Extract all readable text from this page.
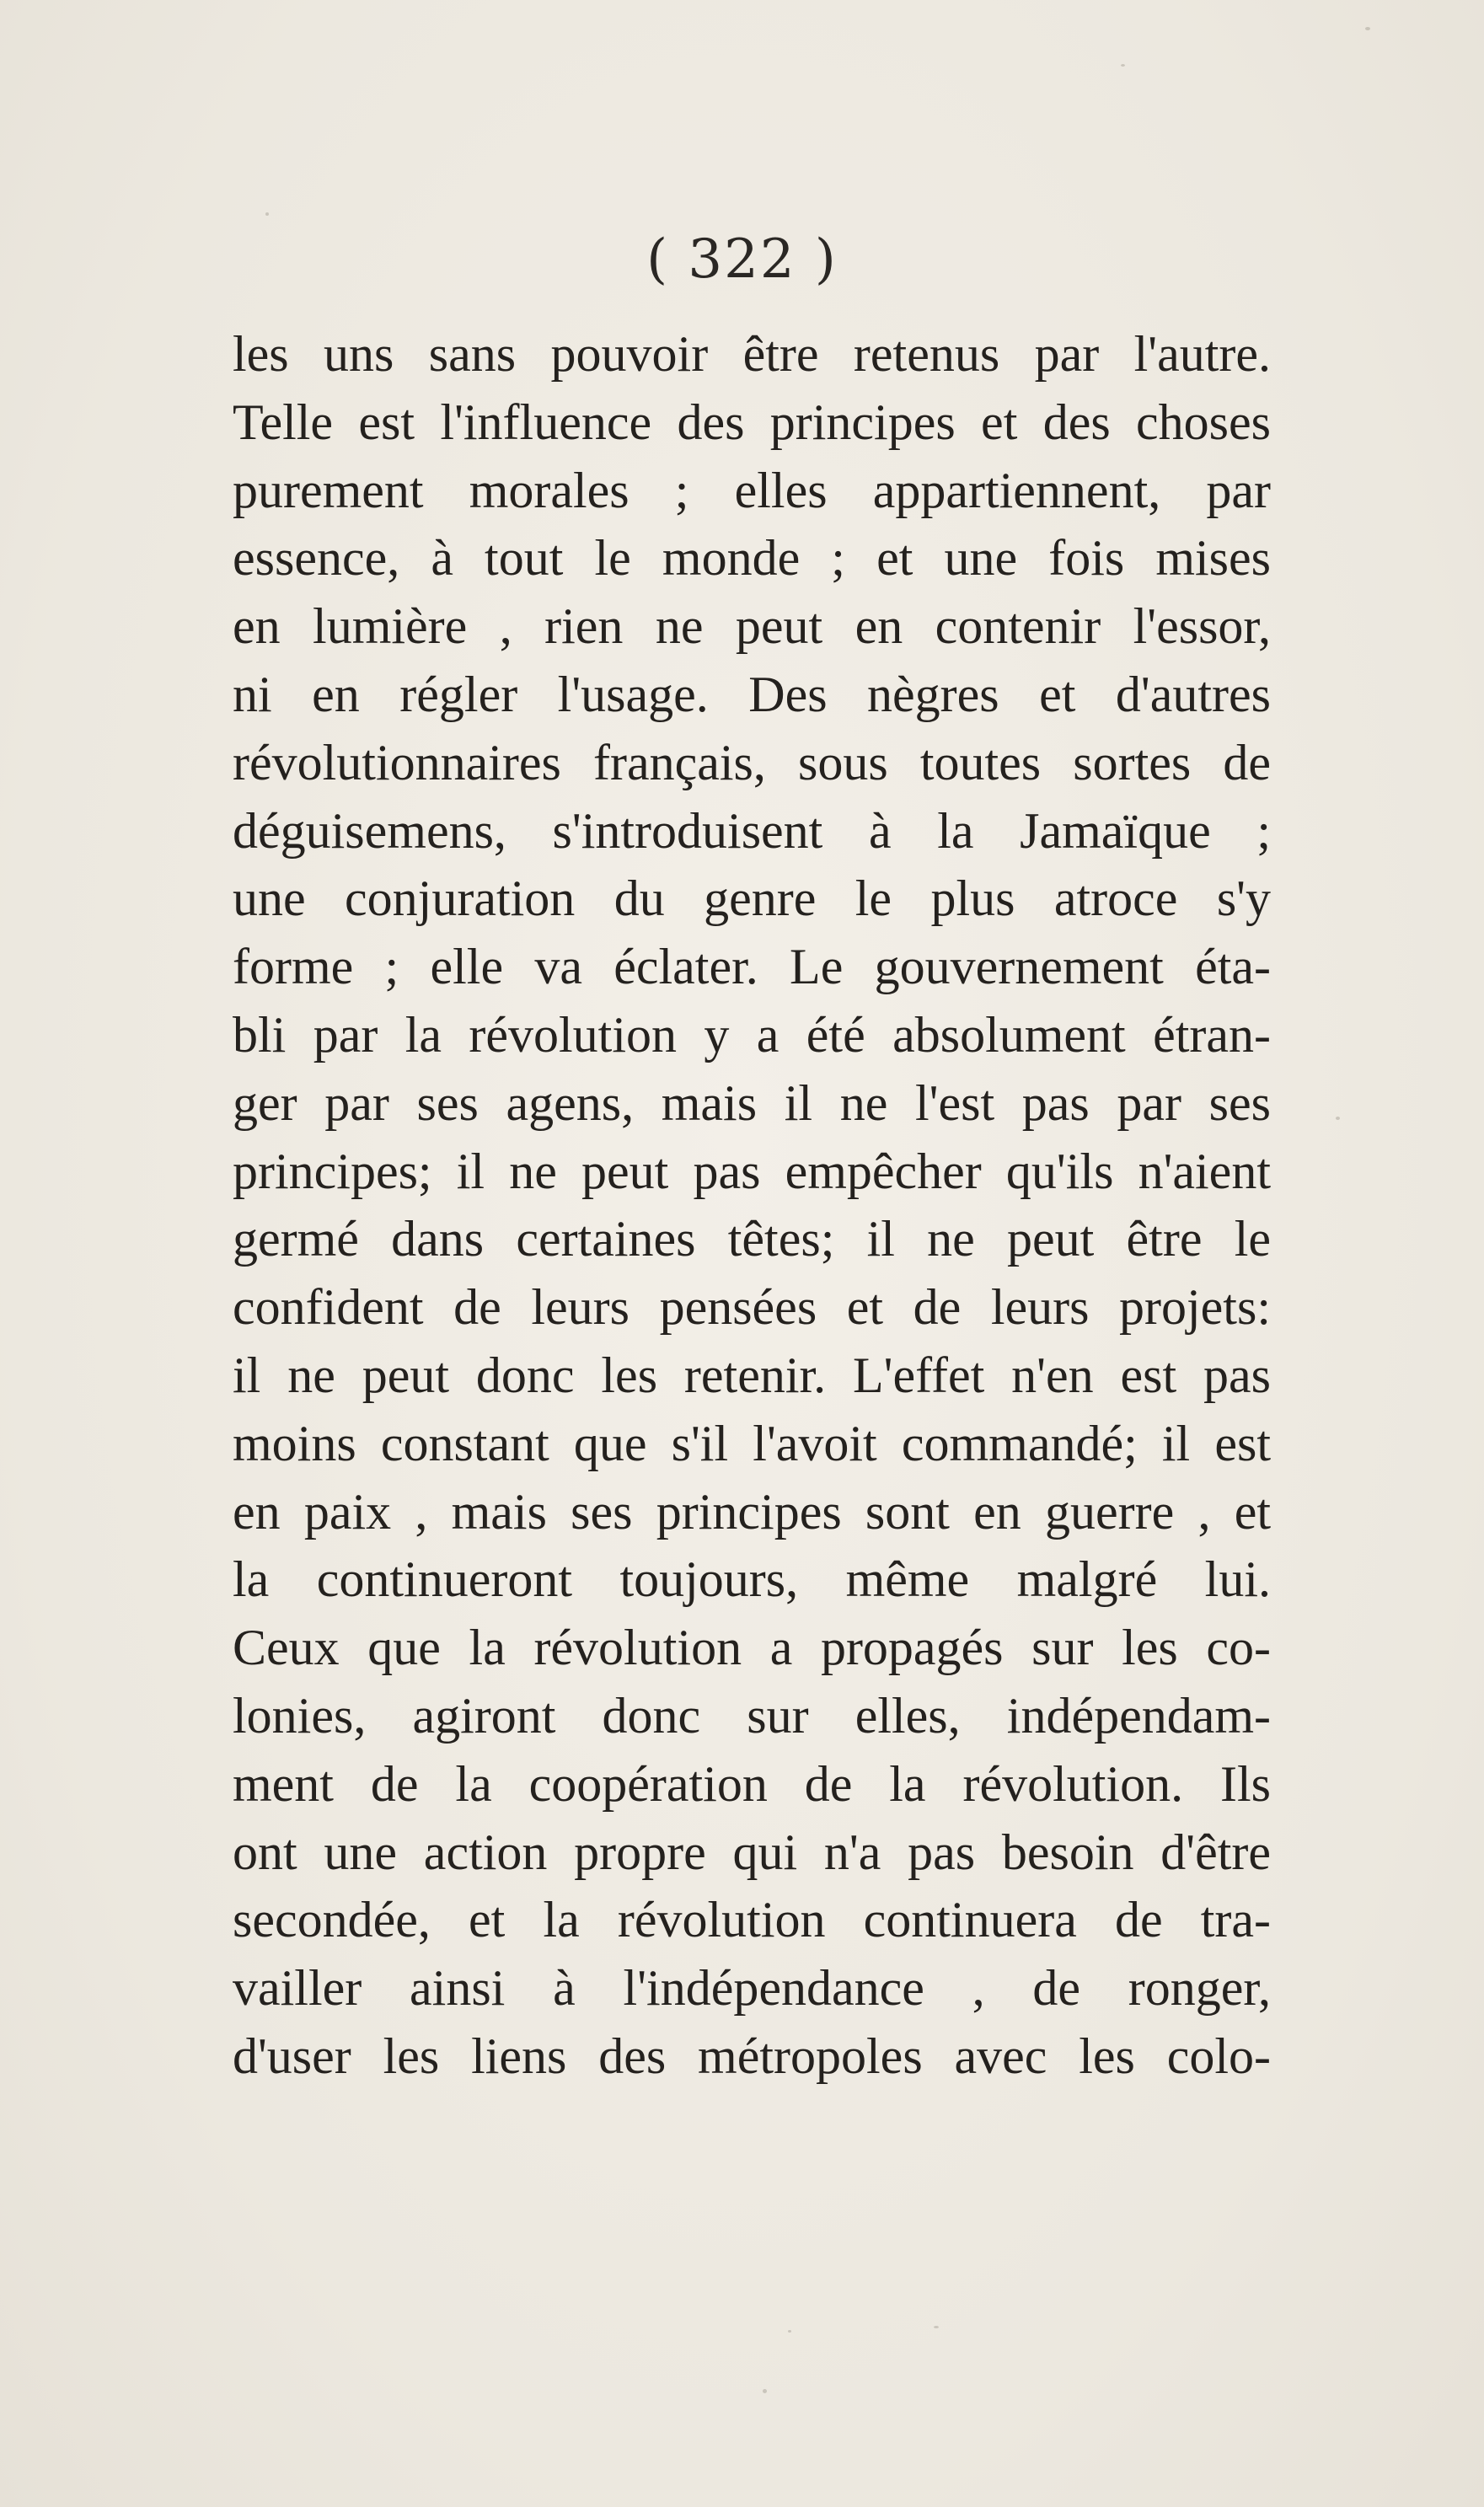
( 322 )
les uns sans pouvoir être retenus par l'autre.
Telle est l'influence des principes et des choses
purement morales ; elles appartiennent, par
essence, à tout le monde ; et une fois mises
en lumière , rien ne peut en contenir l'essor,
ni en régler l'usage. Des nègres et d'autres
révolutionnaires français, sous toutes sortes de
déguisemens, s'introduisent à la Jamaïque ;
une conjuration du genre le plus atroce s'y
forme ; elle va éclater. Le gouvernement éta-
bli par la révolution y a été absolument étran-
ger par ses agens, mais il ne l'est pas par ses
principes; il ne peut pas empêcher qu'ils n'aient
germé dans certaines têtes; il ne peut être le
confident de leurs pensées et de leurs projets:
il ne peut donc les retenir. L'effet n'en est pas
moins constant que s'il l'avoit commandé; il est
en paix , mais ses principes sont en guerre , et
la continueront toujours, même malgré lui.
Ceux que la révolution a propagés sur les co-
lonies, agiront donc sur elles, indépendam-
ment de la coopération de la révolution. Ils
ont une action propre qui n'a pas besoin d'être
secondée, et la révolution continuera de tra-
vailler ainsi à l'indépendance , de ronger,
d'user les liens des métropoles avec les colo-
